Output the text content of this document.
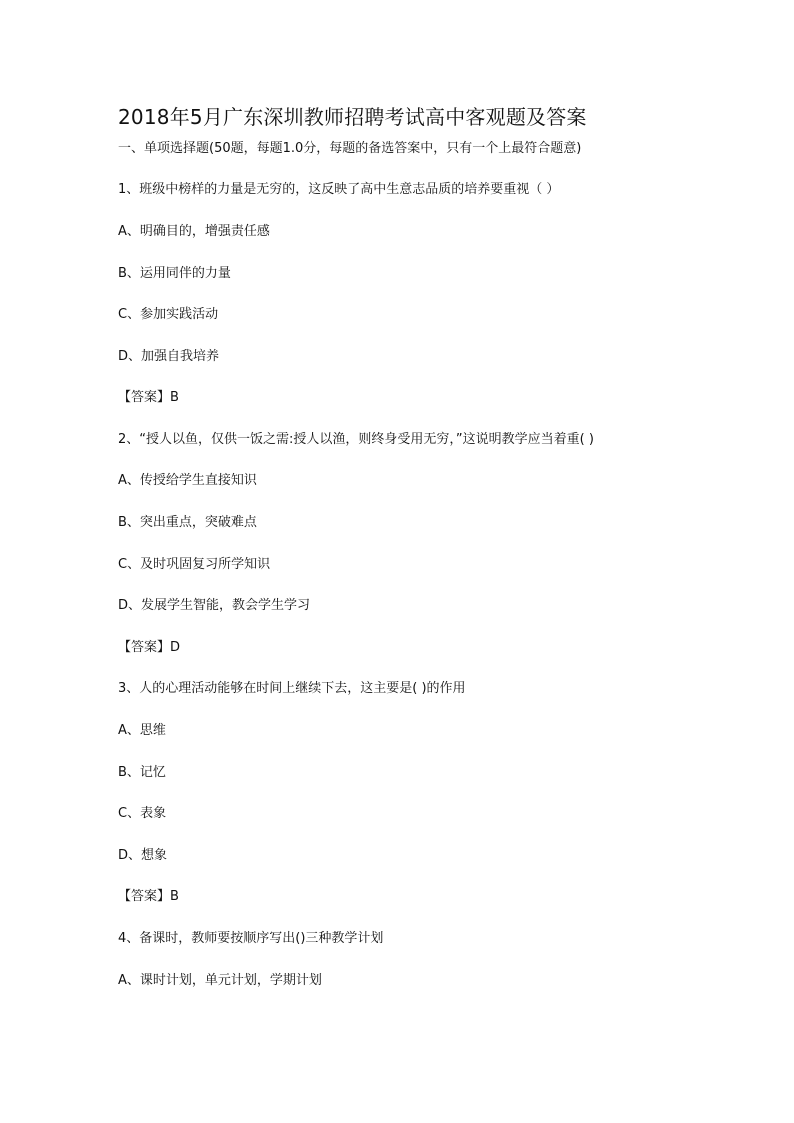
2018年5月广东深圳教师招聘考试高中客观题及答案
一、单项选择题(50题，每题1.0分，每题的备选答案中，只有一个上最符合题意)
1、班级中榜样的力量是无穷的，这反映了高中生意志品质的培养要重视（ ）
A、明确目的，增强责任感
B、运用同伴的力量
C、参加实践活动
D、加强自我培养
【答案】B
2、“授人以鱼，仅供一饭之需:授人以渔，则终身受用无穷，”这说明教学应当着重( )
A、传授给学生直接知识
B、突出重点，突破难点
C、及时巩固复习所学知识
D、发展学生智能，教会学生学习
【答案】D
3、人的心理活动能够在时间上继续下去，这主要是( )的作用
A、思维
B、记忆
C、表象
D、想象
【答案】B
4、备课时，教师要按顺序写出()三种教学计划
A、课时计划，单元计划，学期计划
